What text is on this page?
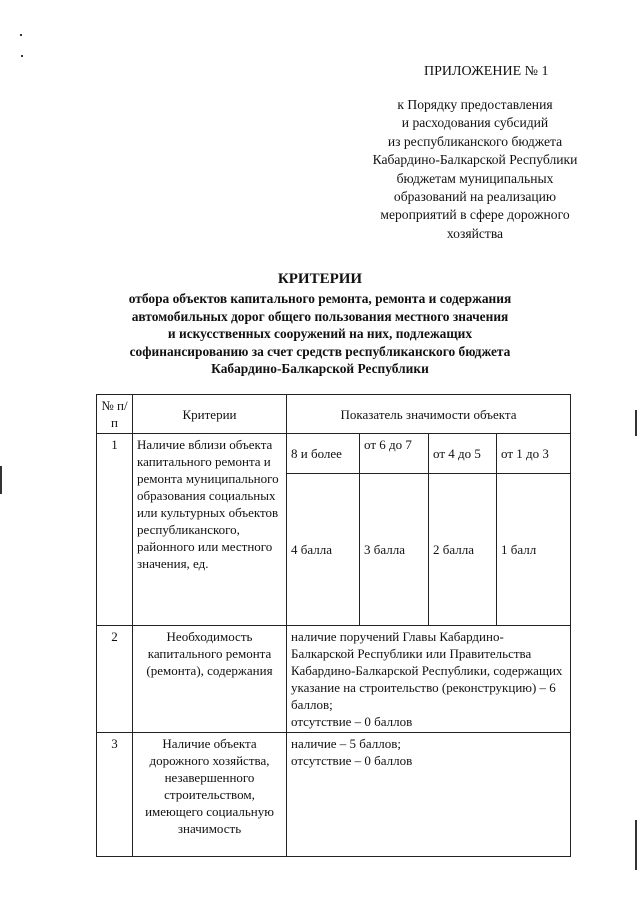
ПРИЛОЖЕНИЕ № 1
к Порядку предоставления
и расходования субсидий
из республиканского бюджета
Кабардино-Балкарской Республики
бюджетам муниципальных
образований на реализацию
мероприятий в сфере дорожного
хозяйства
КРИТЕРИИ
отбора объектов капитального ремонта, ремонта и содержания
автомобильных дорог общего пользования местного значения
и искусственных сооружений на них, подлежащих
софинансированию за счет средств республиканского бюджета
Кабардино-Балкарской Республики
№ п/п	Критерии	Показатель значимости объекта			
1	Наличие вблизи объекта капитального ремонта и ремонта муниципального образования социальных или культурных объектов республиканского, районного или местного значения, ед.	8 и более	от 6 до 7	от 4 до 5	от 1 до 3
		4 балла	3 балла	2 балла	1 балл
2	Необходимость капитального ремонта (ремонта), содержания	наличие поручений Главы Кабардино-Балкарской Республики или Правительства Кабардино-Балкарской Республики, содержащих указание на строительство (реконструкцию) – 6 баллов;
отсутствие – 0 баллов			

3	Наличие объекта дорожного хозяйства, незавершенного строительством, имеющего социальную значимость	наличие – 5 баллов;
отсутствие – 0 баллов			
